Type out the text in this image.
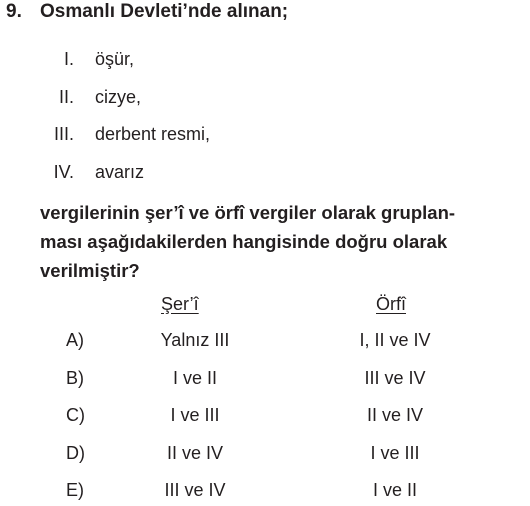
9. Osmanlı Devleti’nde alınan;
I. öşür,
II. cizye,
III. derbent resmi,
IV. avarız
vergilerinin şer’î ve örfî vergiler olarak gruplan-
ması aşağıdakilerden hangisinde doğru olarak
verilmiştir?
Şer’î	Örfî
A)	Yalnız III	I, II ve IV
B)	I ve II	III ve IV
C)	I ve III	II ve IV
D)	II ve IV	I ve III
E)	III ve IV	I ve II
